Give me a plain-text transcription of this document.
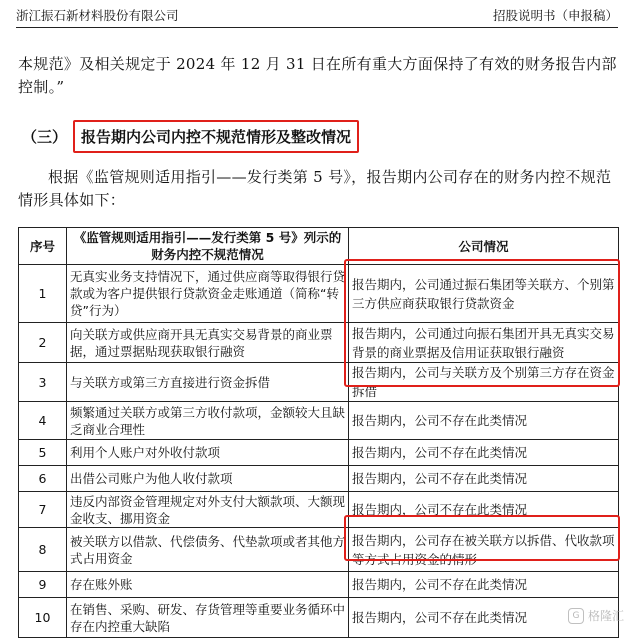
浙江振石新材料股份有限公司	招股说明书（申报稿）

本规范》及相关规定于 2024 年 12 月 31 日在所有重大方面保持了有效的财务报告内部控制。”

（三） 报告期内公司内控不规范情形及整改情况

根据《监管规则适用指引——发行类第 5 号》，报告期内公司存在的财务内控不规范情形具体如下：

序号	《监管规则适用指引——发行类第 5 号》列示的财务内控不规范情况	公司情况
1	无真实业务支持情况下，通过供应商等取得银行贷款或为客户提供银行贷款资金走账通道（简称“转贷”行为）	报告期内，公司通过振石集团等关联方、个别第三方供应商获取银行贷款资金
2	向关联方或供应商开具无真实交易背景的商业票据，通过票据贴现获取银行融资	报告期内，公司通过向振石集团开具无真实交易背景的商业票据及信用证获取银行融资
3	与关联方或第三方直接进行资金拆借	报告期内，公司与关联方及个别第三方存在资金拆借
4	频繁通过关联方或第三方收付款项，金额较大且缺乏商业合理性	报告期内，公司不存在此类情况
5	利用个人账户对外收付款项	报告期内，公司不存在此类情况
6	出借公司账户为他人收付款项	报告期内，公司不存在此类情况
7	违反内部资金管理规定对外支付大额款项、大额现金收支、挪用资金	报告期内，公司不存在此类情况
8	被关联方以借款、代偿债务、代垫款项或者其他方式占用资金	报告期内，公司存在被关联方以拆借、代收款项等方式占用资金的情形
9	存在账外账	报告期内，公司不存在此类情况
10	在销售、采购、研发、存货管理等重要业务循环中存在内控重大缺陷	报告期内，公司不存在此类情况	G 格隆汇
